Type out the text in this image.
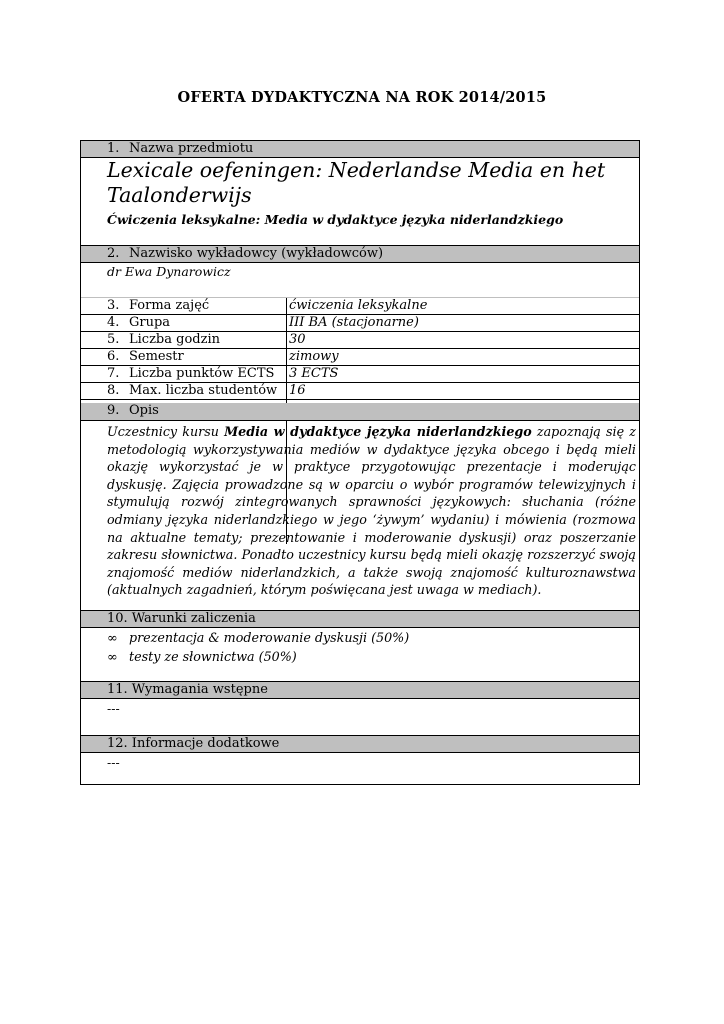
OFERTA DYDAKTYCZNA NA ROK 2014/2015
1. Nazwa przedmiotu
Lexicale oefeningen: Nederlandse Media en het
Taalonderwijs
Ćwiczenia leksykalne: Media w dydaktyce języka niderlandzkiego
2. Nazwisko wykładowcy (wykładowców)
dr Ewa Dynarowicz
3. Forma zajęć	ćwiczenia leksykalne
4. Grupa	III BA (stacjonarne)
5. Liczba godzin	30
6. Semestr	zimowy
7. Liczba punktów ECTS 3 ECTS
8. Max. liczba studentów 16
9. Opis
Uczestnicy kursu Media w dydaktyce języka niderlandzkiego zapoznają się z metodologią wykorzystywania mediów w dydaktyce języka obcego i będą mieli okazję wykorzystać je w praktyce przygotowując prezentacje i moderując dyskusję. Zajęcia prowadzone są w oparciu o wybór programów telewizyjnych i stymulują rozwój zintegrowanych sprawności językowych: słuchania (różne odmiany języka niderlandzkiego w jego ‘żywym’ wydaniu) i mówienia (rozmowa na aktualne tematy; prezentowanie i moderowanie dyskusji) oraz poszerzanie zakresu słownictwa. Ponadto uczestnicy kursu będą mieli okazję rozszerzyć swoją znajomość mediów niderlandzkich, a także swoją znajomość kulturoznawstwa (aktualnych zagadnień, którym poświęcana jest uwaga w mediach).
10. Warunki zaliczenia
∞ prezentacja & moderowanie dyskusji (50%)
∞ testy ze słownictwa (50%)
11. Wymagania wstępne
---
12. Informacje dodatkowe
---
